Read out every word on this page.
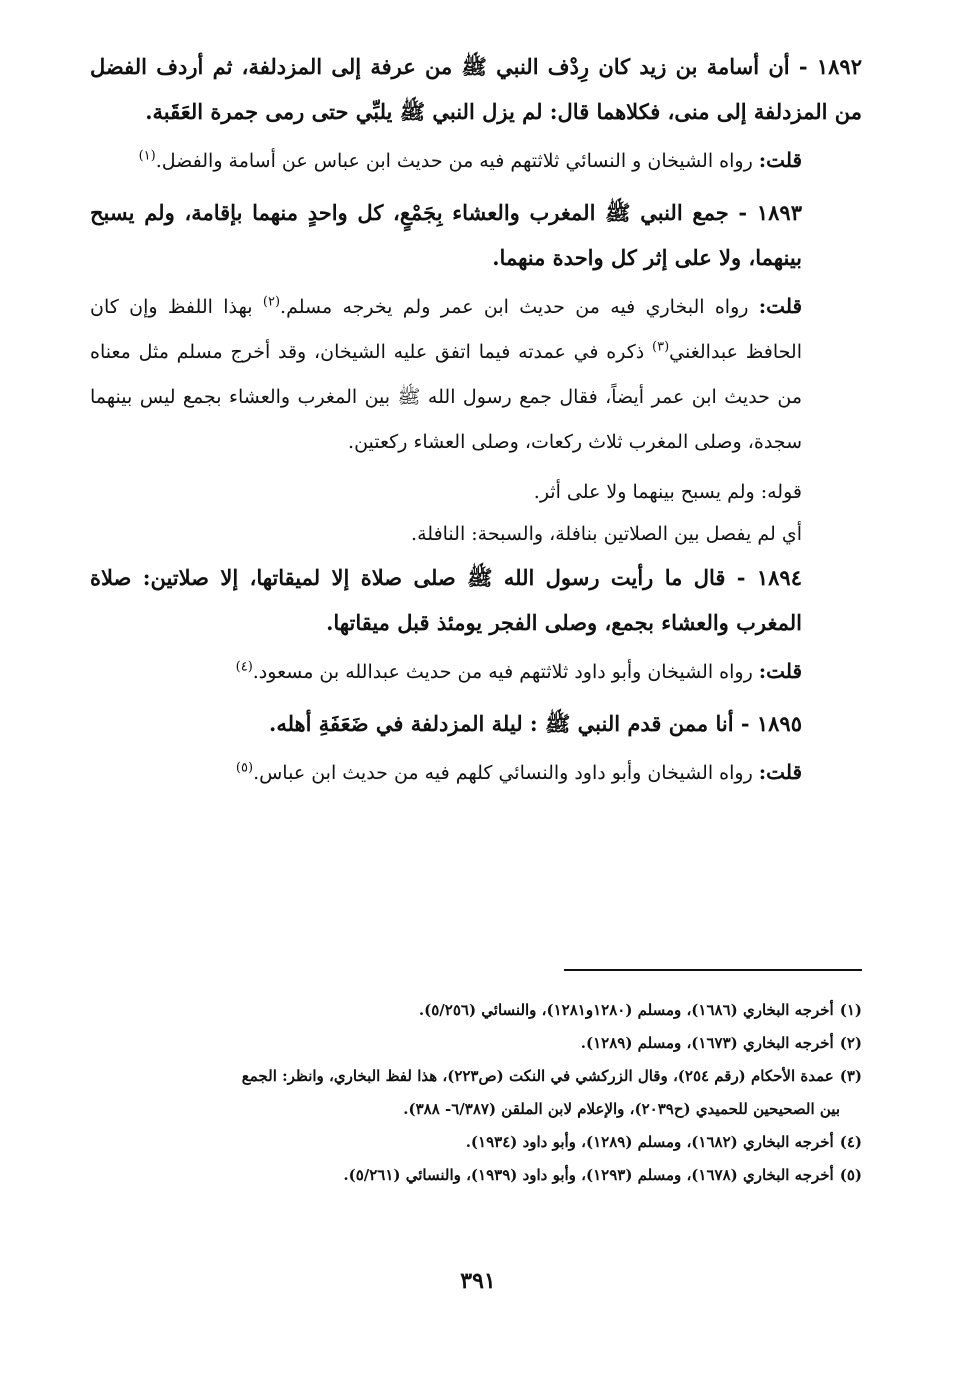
١٨٩٢ - أن أسامة بن زيد كان رِدْف النبي ﷺ من عرفة إلى المزدلفة، ثم أردف الفضل من المزدلفة إلى منى، فكلاهما قال: لم يزل النبي ﷺ يلبِّي حتى رمى جمرة العَقَبة.

قلت: رواه الشيخان و النسائي ثلاثتهم فيه من حديث ابن عباس عن أسامة والفضل.$^{(١)}$

١٨٩٣ - جمع النبي ﷺ المغرب والعشاء بِجَمْعٍ، كل واحدٍ منهما بإقامة، ولم يسبح بينهما، ولا على إثر كل واحدة منهما.

قلت: رواه البخاري فيه من حديث ابن عمر ولم يخرجه مسلم.$^{(٢)}$ بهذا اللفظ وإن كان الحافظ عبدالغني$^{(٣)}$ ذكره في عمدته فيما اتفق عليه الشيخان، وقد أخرج مسلم مثل معناه من حديث ابن عمر أيضاً، فقال جمع رسول الله ﷺ بين المغرب والعشاء بجمع ليس بينهما سجدة، وصلى المغرب ثلاث ركعات، وصلى العشاء ركعتين.

قوله: ولم يسبح بينهما ولا على أثر.

أي لم يفصل بين الصلاتين بنافلة، والسبحة: النافلة.

١٨٩٤ - قال ما رأيت رسول الله ﷺ صلى صلاة إلا لميقاتها، إلا صلاتين: صلاة المغرب والعشاء بجمع، وصلى الفجر يومئذ قبل ميقاتها.

قلت: رواه الشيخان وأبو داود ثلاثتهم فيه من حديث عبدالله بن مسعود.$^{(٤)}$

١٨٩٥ - أنا ممن قدم النبي ﷺ : ليلة المزدلفة في ضَعَفَةِ أهله.

قلت: رواه الشيخان وأبو داود والنسائي كلهم فيه من حديث ابن عباس.$^{(٥)}$

(١)أخرجه البخاري (١٦٨٦)، ومسلم (١٢٨٠و١٢٨١)، والنسائي (٥/٢٥٦).

(٢)أخرجه البخاري (١٦٧٣)، ومسلم (١٢٨٩).

(٣)عمدة الأحكام (رقم ٢٥٤)، وقال الزركشي في النكت (ص٢٢٣)، هذا لفظ البخاري، وانظر: الجمع
بين الصحيحين للحميدي (ح٢٠٣٩)، والإعلام لابن الملقن (٦/٣٨٧- ٣٨٨).

(٤)أخرجه البخاري (١٦٨٢)، ومسلم (١٢٨٩)، وأبو داود (١٩٣٤).

(٥)أخرجه البخاري (١٦٧٨)، ومسلم (١٢٩٣)، وأبو داود (١٩٣٩)، والنسائي (٥/٢٦١).

٣٩١
